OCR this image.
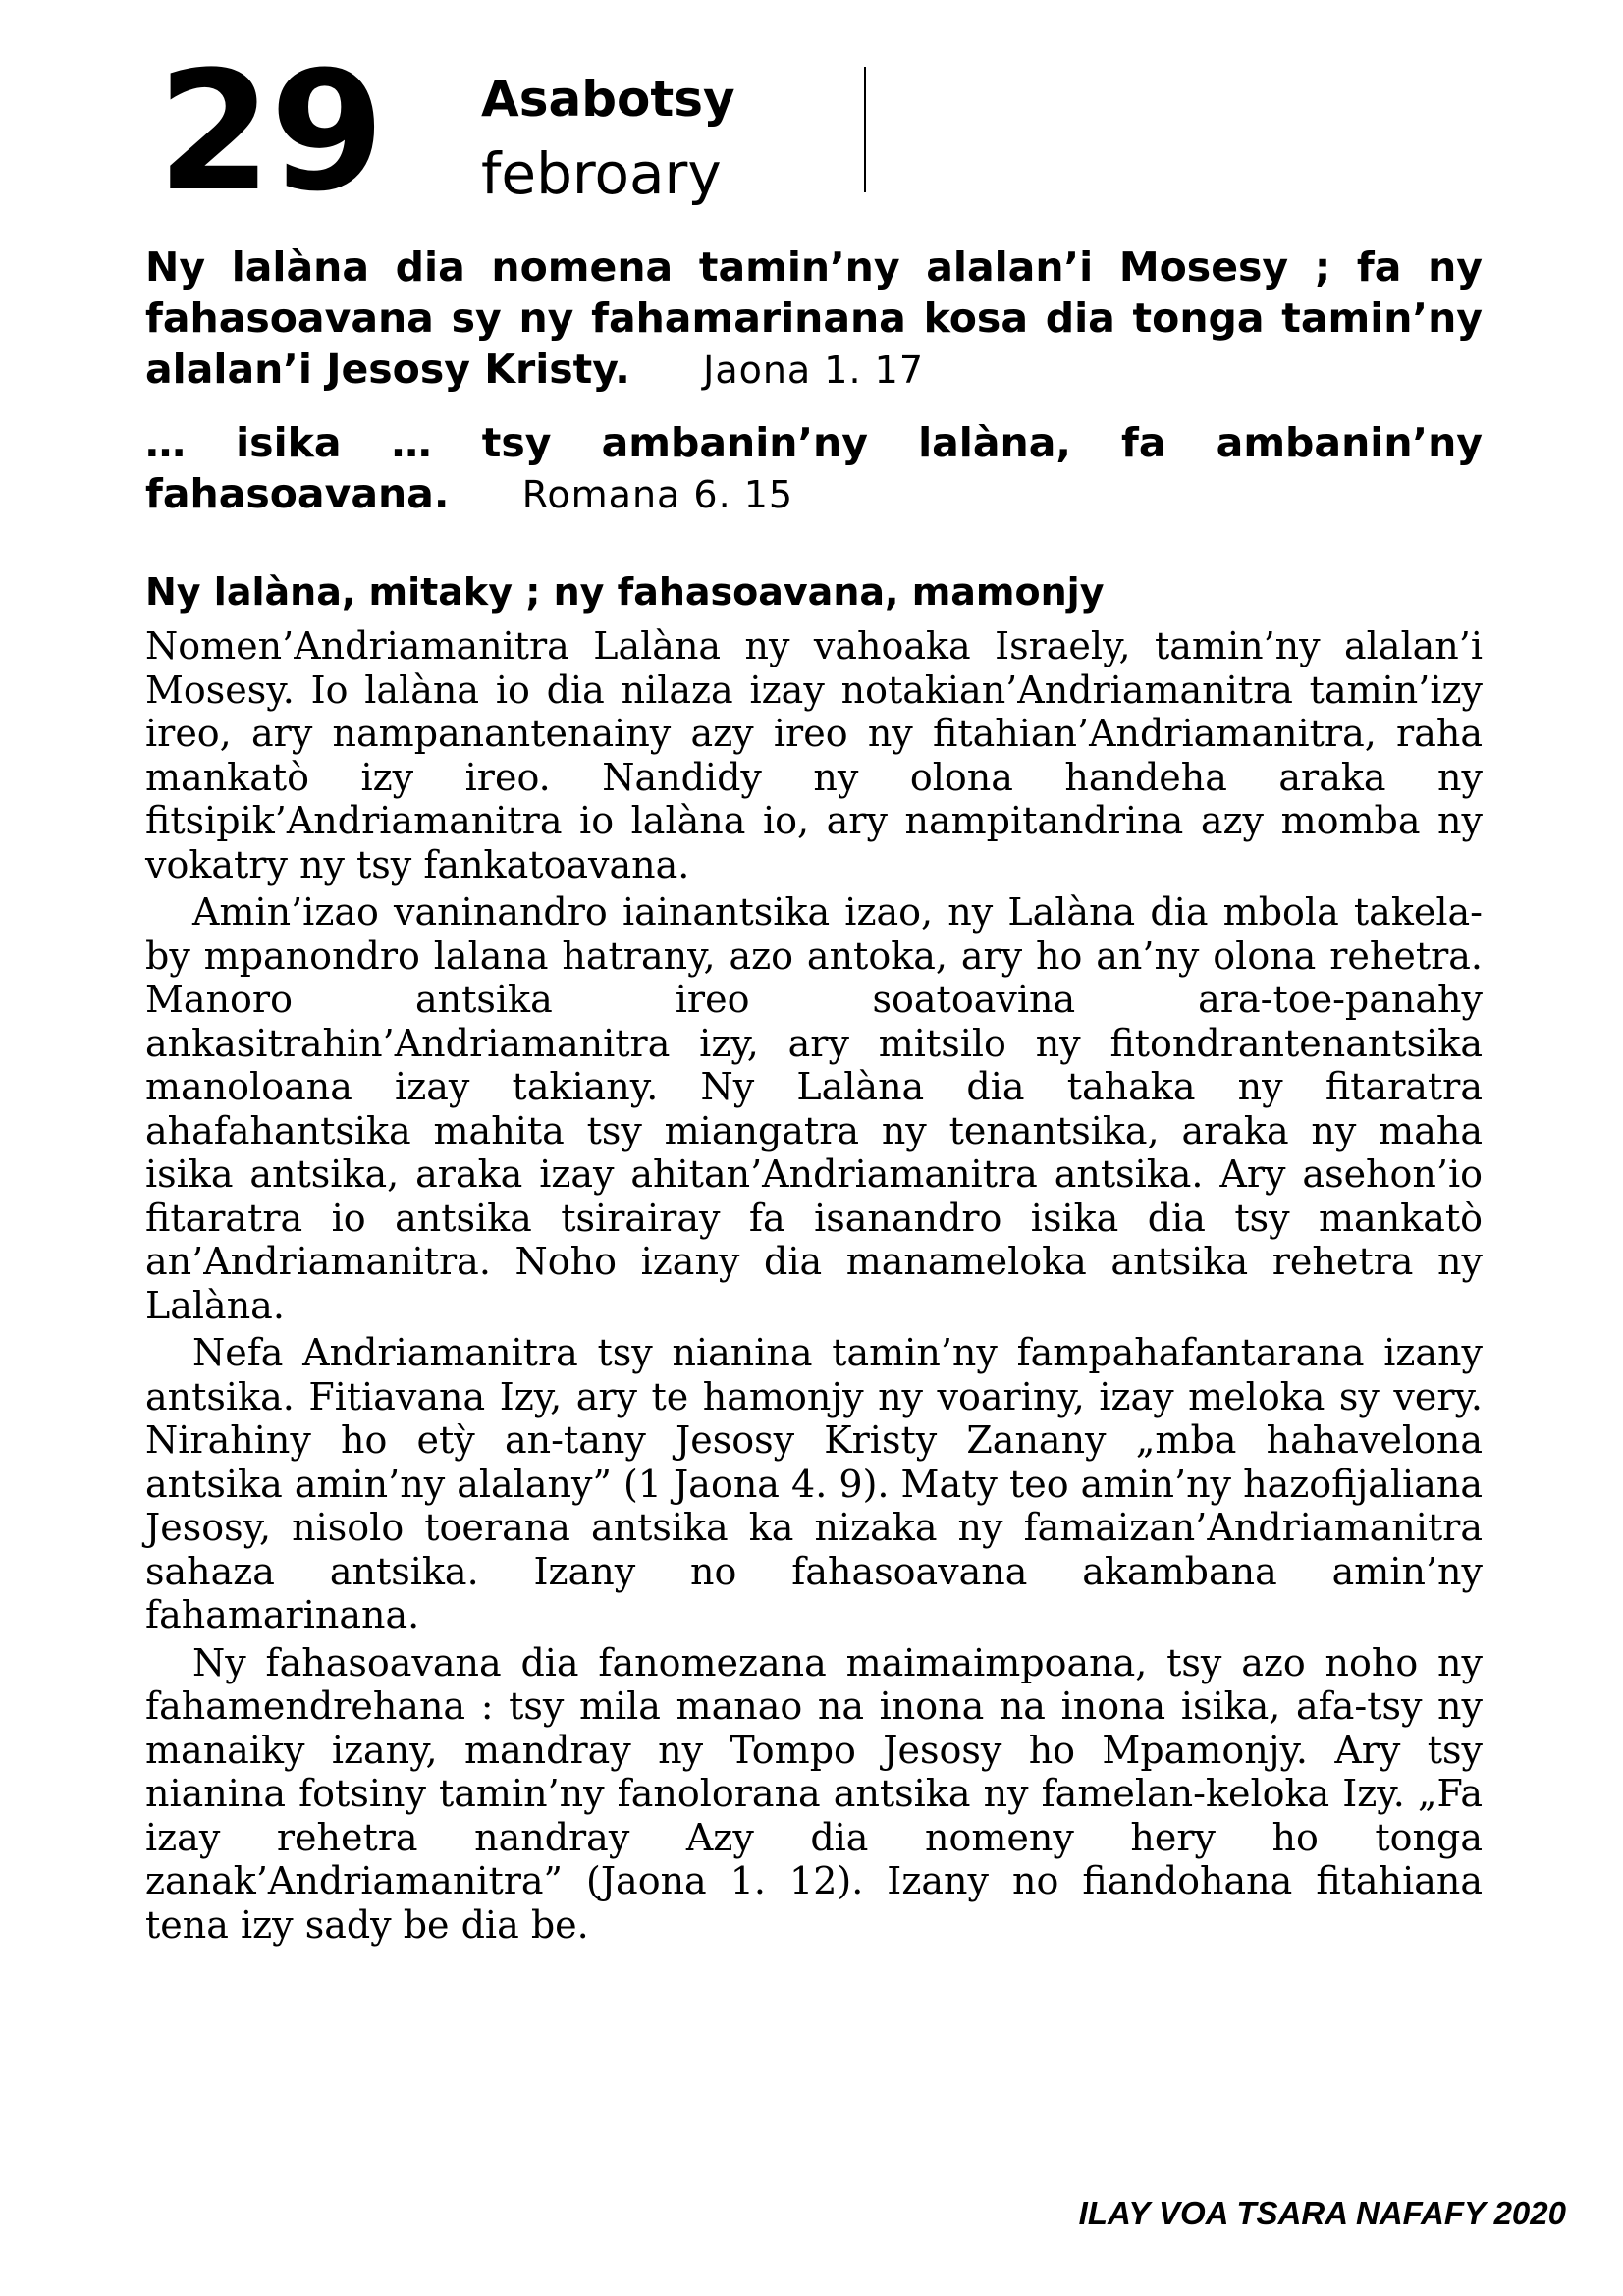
29 Asabotsy
febroary

Ny lalàna dia nomena tamin’ny alalan’i Mosesy ; fa ny fahasoavana sy ny fahamarinana kosa dia tonga tamin’ny alalan’i Jesosy Kristy. Jaona 1. 17

… isika … tsy ambanin’ny lalàna, fa ambanin’ny fahasoavana. Romana 6. 15

Ny lalàna, mitaky ; ny fahasoavana, mamonjy

Nomen’Andriamanitra Lalàna ny vahoaka Israely, tamin’ny alalan’i Mosesy. Io lalàna io dia nilaza izay notakian’Andriamanitra tamin’izy ireo, ary nampanantenainy azy ireo ny fitahian’Andriamanitra, raha mankatò izy ireo. Nandidy ny olona handeha araka ny fitsipik’Andriamanitra io lalàna io, ary nampitandrina azy momba ny vokatry ny tsy fankatoavana.

Amin’izao vaninandro iainantsika izao, ny Lalàna dia mbola takela-by mpanondro lalana hatrany, azo antoka, ary ho an’ny olona rehetra. Manoro antsika ireo soatoavina ara-toe-panahy ankasitrahin’Andriamanitra izy, ary mitsilo ny fitondrantenantsika manoloana izay takiany. Ny Lalàna dia tahaka ny fitaratra ahafahantsika mahita tsy miangatra ny tenantsika, araka ny maha isika antsika, araka izay ahitan’Andriamanitra antsika. Ary asehon’io fitaratra io antsika tsirairay fa isanandro isika dia tsy mankatò an’Andriamanitra. Noho izany dia manameloka antsika rehetra ny Lalàna.

Nefa Andriamanitra tsy nianina tamin’ny fampahafantarana izany antsika. Fitiavana Izy, ary te hamonjy ny voariny, izay meloka sy very. Nirahiny ho etỳ an-tany Jesosy Kristy Zanany „mba hahavelona antsika amin’ny alalany” (1 Jaona 4. 9). Maty teo amin’ny hazofijaliana Jesosy, nisolo toerana antsika ka nizaka ny famaizan’Andriamanitra sahaza antsika. Izany no fahasoavana akambana amin’ny fahamarinana.

Ny fahasoavana dia fanomezana maimaimpoana, tsy azo noho ny fahamendrehana : tsy mila manao na inona na inona isika, afa-tsy ny manaiky izany, mandray ny Tompo Jesosy ho Mpamonjy. Ary tsy nianina fotsiny tamin’ny fanolorana antsika ny famelan-keloka Izy. „Fa izay rehetra nandray Azy dia nomeny hery ho tonga zanak’Andriamanitra” (Jaona 1. 12). Izany no fiandohana fitahiana tena izy sady be dia be.

ILAY VOA TSARA NAFAFY 2020
